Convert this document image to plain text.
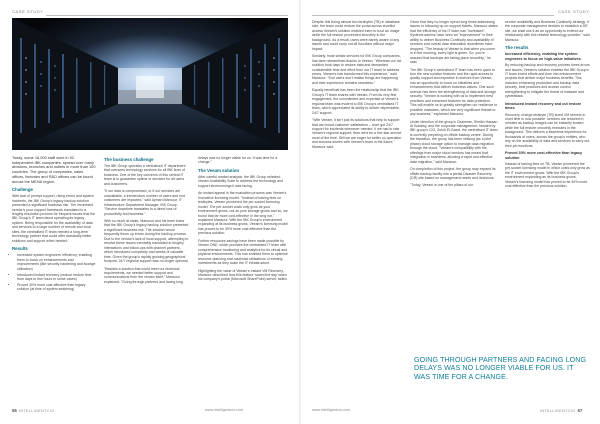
CASE STUDY

Today, some 16,000 staff work in 52 independent IBK companies, spread over many divisions, branches and outlets in more than 100 countries. The group of companies, sales offices, factories and R&D offices can be found across the MENA region.

Challenge

With lack of prompt support, rising errors and system incidents, the IBK Group's legacy backup solution presented a significant business risk. The incumbent vendor's poor support framework translated to a lengthy resolution process for frequent issues that the IBK Group's IT team faced operating its legacy system. Being responsible for the availability of data and services to a large number of remote and local sites, the centralised IT team needed a long-term technology partner that could offer drastically better solutions and support when needed.

Results
• Increased system engineers' efficiency, enabling them to focus on enhancements and improvements (like security hardening and storage utilization)
• Introduced instant recovery (reduce restore time from days to few hours in some cases)
• Proved 30% more cost-effective than legacy solution (at time of system switching)
The business challenge

The IBK Group operates a centralised IT department that oversees technology services for all IBK lines of business. One of the key concerns of this central IT team is to guarantee uptime of services for all users and customers.

"If our data is compromised, or if our services are unavailable, a tremendous number of users and end customers are impacted," said Ayman Mansour, IT Infrastructure Department Manager, IBK Group. "Service downtime translates to a direct loss of productivity and business."

With so much at stake, Mansour and his team knew that the IBK Group's legacy backup solution presented a significant business risk. The solution would frequently throw up errors during the backup process. Due to the vendor's lack of local support, attempting to resolve these issues inevitably translated to lengthy interactions and follow-ups with channel partners, which introduced complexity and weeks of valuable time. Given the group's rapidly growing geographical footprint, 24/7 regional support was no longer optional.

"Besides a solution that could meet our technical requirements, we needed better support and communications from the vendor itself," Mansour explained. "Going through partners and facing long

delays was no longer viable for us. It was time for a change."

The Veeam solution

After careful market analysis, the IBK Group selected Veeam Availability Suite to address the technology and support shortcomings it was facing.

An instant appeal in the evaluation process was Veeam's innovative licensing model. "Instead of basing fees on terabytes, Veeam pioneered the per-socket licensing model. The per-socket costs only grow as your environment grows, not as your storage grows and so, we found that far more cost-effective in the long run," explained Mansour. With the IBK Group's environment expanding at its business grows, Veeam's licensing model has proved to be 30% more cost-effective than the previous solution.

Further resources savings have been made possible by Veeam ONE, which provides the centralised IT team with comprehensive monitoring and analytics for its virtual and physical environments. This has enabled them to optimise resource planning and maximise utilisations of existing investments as they scale the IT infrastructure.

Highlighting the value of Veeam's Instant VM Recovery, Mansour described how this feature 'saved the day' when his company's portal (Microsoft SharePoint) server, failed.

56 INTELLIGENTCIO	www.intelligentcio.com
CASE STUDY

Despite this being almost two terabytes (TB) in database size, the team could restore the portal across shortlist access Veeam's solution enabled them to boot an image while the full restore proceeded smoothly in the background. As a result, users were barely aware of any issues and could carry out all functions without major impact.

Similarly, most similar services for IBK Group companies, has been streamlined thanks to Veeam. "Whereas our old solution took days to restore data and demanded considerable time and effort from our IT team to address errors, Veeam's has transformed this experience," said Mansour. "End users don't realise things are happening and their experience remains seamless."

Equally beneficial has been the relationship that the IBK Group's IT team shares with Veeam. From its very first engagement, the commitment and expertise of Veeam's regional team was evident to IBK Group's centralised IT team, which appreciated its ability to deliver dependable, 24/7 support.

"With Veeam, it isn't just its solutions that help to support that can boost customer satisfaction – once got 24/7 support for incidents whenever needed. If we had to rate Veeam's regional support, then we'd be a five-star service most of the time. Still we are eager for better co-operation and success stories with Veeam's team in the future," Mansour said.

Given that they no longer spend long times addressing issues or following up on support tickets, Mansour states that the efficiency of his IT team has "increased". Systems admins have seen an "improvement" in their ability to deliver Business Continuity and availability of services and overall data restoration downtimes have dropped. "The beauty of Veeam is that when you come in in the morning, every light is green. So, you're assured that backups are taking place smoothly," he said.

The IBK Group's centralised IT team has been quick to turn the new solution features and the rapid access to quality support and expertise it receives from Veeam, into an opportunity to focus on initiatives and enhancements that deliver business values. One such avenue has been the strengthening of data and storage security. "Veeam is working with us to implement best practices and enhanced features for data protection. This will enable us to greatly strengthen our resilience to possible malwares, which are very significant threats to any business," explained Mansour.

Under direction of the group's Chairman, Sheikh Hassan Al Kubaisy, and the corporate management, headed by IBK group's CIO, Zuhdi El-Saadi, the centralised IT team is currently preparing on offsite backup centre. During the transition, the group has been utilising (as a pilot phase) cloud storage option to manage data migration through the cloud. "Veeam's compatibility with the offerings from major cloud vendors has meant that integration is seamless, allowing a rapid and effective data migration," said Mansour.

On completion of this project, the group may expand its offsite backup facility into a partial Disaster Recovery (DR) site based on management needs and decisions.

"Today, Veeam is one of the pillars of our

service availability and Business Continuity strategy. If the corporate management decides to establish a DR site, we shall use it as an opportunity to extend our relationship with this reliable technology provider," said Mansour.

The results
Increased efficiency, enabling the system engineers to focus on high-value initiatives

By reducing backup and recovery process times errors and issues, Veeam's solution enables the IBK Group's IT team invest efforts and time into enhancement projects that deliver major business benefits. This includes enhancing production and backup data security, best practices and access control strengthening to mitigate the threat of malware and cyberattack.

Introduced instant recovery and cut restore times

Recovery of large terabyte (TB) sized VM servers in short time is now possible, services are restored in minutes as backup images can be instantly booted while the full restore smoothly executes in the background. This delivers a seamless experience for thousands of users, across the group's entities, who rely on the availability of data and services to carry out their job functions.

Proved 30% more cost-effective than legacy solution

Instead of basing fees on TB, Veeam pioneered the per-socket licensing model in which costs only grow as the IT environment grows. With the IBK Group's environment expanding as its business grows, Veeam's licensing model has proved to be 30% more cost-effective than the previous solution.

GOING THROUGH PARTNERS AND FACING LONG DELAYS WAS NO LONGER VIABLE FOR US. IT WAS TIME FOR A CHANGE.
www.intelligentcio.com	INTELLIGENTCIO 57
